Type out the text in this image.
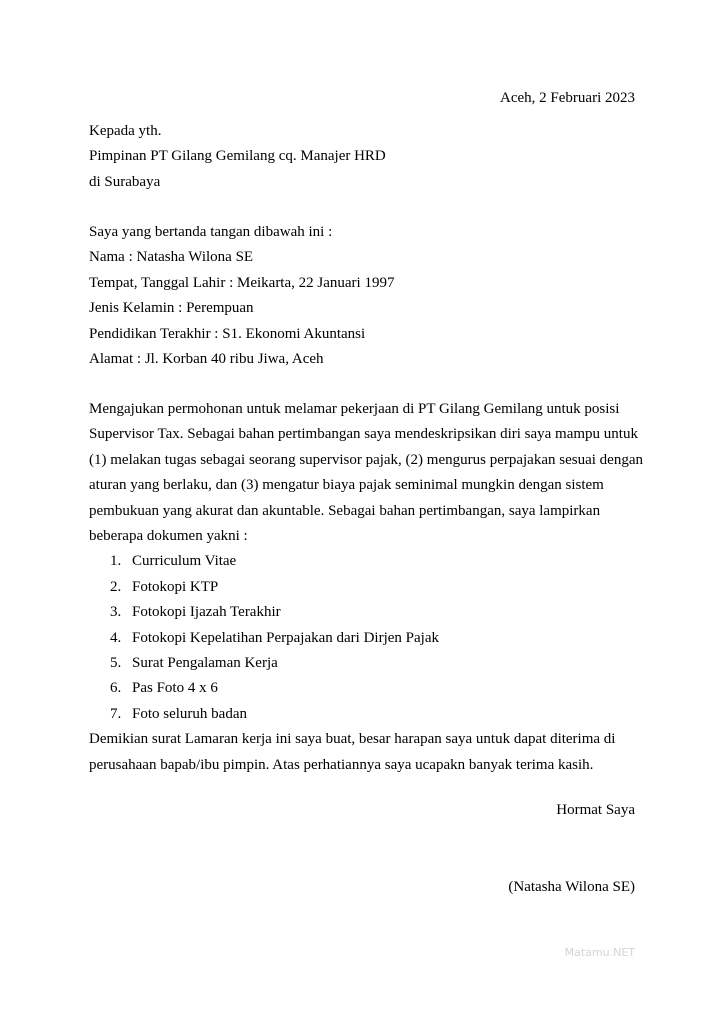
Aceh, 2 Februari 2023
Kepada yth.
Pimpinan PT Gilang Gemilang cq. Manajer HRD
di Surabaya
Saya yang bertanda tangan dibawah ini :
Nama : Natasha Wilona SE
Tempat, Tanggal Lahir : Meikarta, 22 Januari 1997
Jenis Kelamin : Perempuan
Pendidikan Terakhir : S1. Ekonomi Akuntansi
Alamat : Jl. Korban 40 ribu Jiwa, Aceh
Mengajukan permohonan untuk melamar pekerjaan di PT Gilang Gemilang untuk posisi
Supervisor Tax. Sebagai bahan pertimbangan saya mendeskripsikan diri saya mampu untuk
(1) melakan tugas sebagai seorang supervisor pajak, (2) mengurus perpajakan sesuai dengan
aturan yang berlaku, dan (3) mengatur biaya pajak seminimal mungkin dengan sistem
pembukuan yang akurat dan akuntable. Sebagai bahan pertimbangan, saya lampirkan
beberapa dokumen yakni :
1. Curriculum Vitae
2. Fotokopi KTP
3. Fotokopi Ijazah Terakhir
4. Fotokopi Kepelatihan Perpajakan dari Dirjen Pajak
5. Surat Pengalaman Kerja
6. Pas Foto 4 x 6
7. Foto seluruh badan
Demikian surat Lamaran kerja ini saya buat, besar harapan saya untuk dapat diterima di
perusahaan bapab/ibu pimpin. Atas perhatiannya saya ucapakn banyak terima kasih.
Hormat Saya
(Natasha Wilona SE)
Matamu.NET
